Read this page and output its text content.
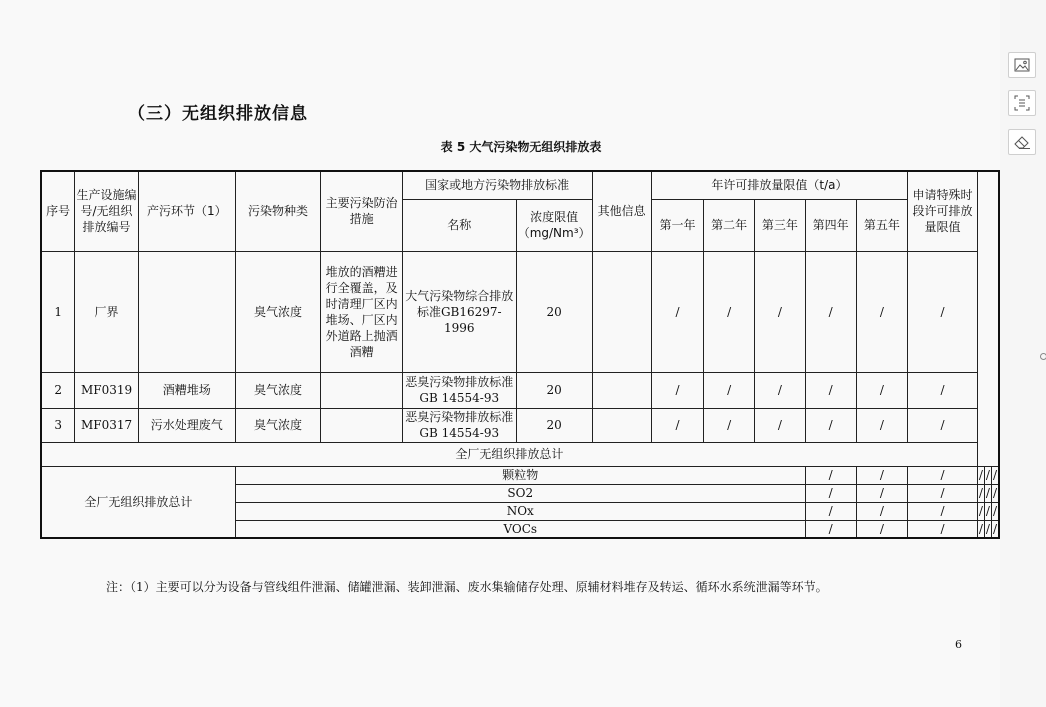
（三）无组织排放信息
表 5 大气污染物无组织排放表
序号	生产设施编号/无组织排放编号	产污环节（1）	污染物种类	主要污染防治措施	国家或地方污染物排放标准		其他信息	年许可排放量限值（t/a）					申请特殊时段许可排放量限值			
					名称	浓度限值（mg/Nm³）		第一年	第二年	第三年	第四年	第五年				
1	厂界		臭气浓度	堆放的酒糟进行全覆盖，及时清理厂区内堆场、厂区内外道路上抛洒酒糟	大气污染物综合排放标准GB16297-1996	20		/	/	/	/	/	/			
2	MF0319	酒糟堆场	臭气浓度		恶臭污染物排放标准 GB 14554-93	20		/	/	/	/	/	/			
3	MF0317	污水处理废气	臭气浓度		恶臭污染物排放标准 GB 14554-93	20		/	/	/	/	/	/			
全厂无组织排放总计																
全厂无组织排放总计			颗粒物								/	/	/	/	/	/
			SO2								/	/	/	/	/	/
			NOx								/	/	/	/	/	/
			VOCs								/	/	/	/	/	/
注：（1）主要可以分为设备与管线组件泄漏、储罐泄漏、装卸泄漏、废水集输储存处理、原辅材料堆存及转运、循环水系统泄漏等环节。
6
